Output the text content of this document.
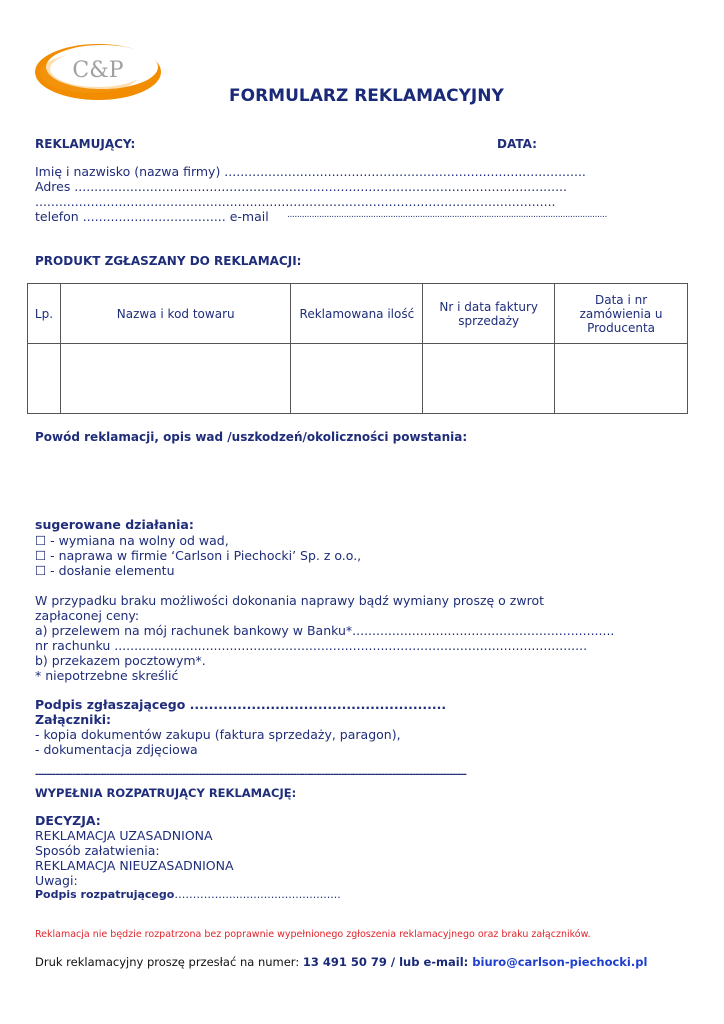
C&P
FORMULARZ REKLAMACYJNY
REKLAMUJĄCY:	DATA:
Imię i nazwisko (nazwa firmy) ...........................................................................................
Adres ............................................................................................................................
...................................................................................................................................
telefon .................................... e-mail ..................................................................................................................................
PRODUKT ZGŁASZANY DO REKLAMACJI:
Lp.	Nazwa i kod towaru	Reklamowana ilość	Nr i data faktury sprzedaży	Data i nr zamówienia u Producenta

Powód reklamacji, opis wad /uszkodzeń/okoliczności powstania:
sugerowane działania:
☐ - wymiana na wolny od wad,
☐ - naprawa w firmie ‘Carlson i Piechocki’ Sp. z o.o.,
☐ - dosłanie elementu
W przypadku braku możliwości dokonania naprawy bądź wymiany proszę o zwrot
zapłaconej ceny:
a) przelewem na mój rachunek bankowy w Banku*..................................................................
nr rachunku .......................................................................................................................
b) przekazem pocztowym*.
* niepotrzebne skreślić
Podpis zgłaszającego ......................................................
Załączniki:
- kopia dokumentów zakupu (faktura sprzedaży, paragon),
- dokumentacja zdjęciowa
--------------------------------------------------------------------------------------------------------------------------------------------------------
WYPEŁNIA ROZPATRUJĄCY REKLAMACJĘ:
DECYZJA:
REKLAMACJA UZASADNIONA
Sposób załatwienia:
REKLAMACJA NIEUZASADNIONA
Uwagi:
Podpis rozpatrującego…………...................................
Reklamacja nie będzie rozpatrzona bez poprawnie wypełnionego zgłoszenia reklamacyjnego oraz braku załączników.
Druk reklamacyjny proszę przesłać na numer: 13 491 50 79 / lub e-mail: biuro@carlson-piechocki.pl
